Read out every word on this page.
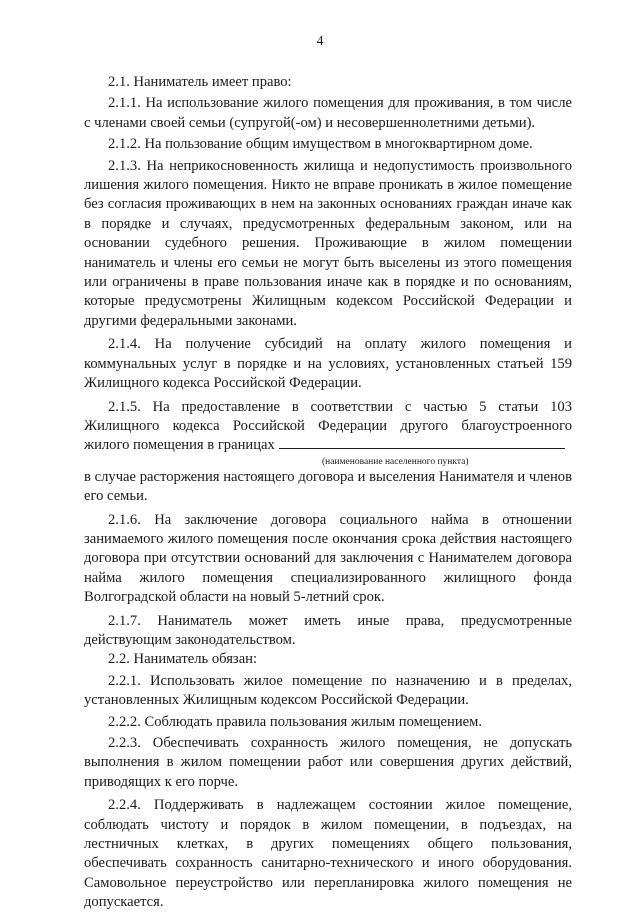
4

2.1. Наниматель имеет право:

2.1.1. На использование жилого помещения для проживания, в том числе с членами своей семьи (супругой(-ом) и несовершеннолетними детьми).

2.1.2. На пользование общим имуществом в многоквартирном доме.

2.1.3. На неприкосновенность жилища и недопустимость произвольного лишения жилого помещения. Никто не вправе проникать в жилое помещение без согласия проживающих в нем на законных основаниях граждан иначе как в порядке и случаях, предусмотренных федеральным законом, или на основании судебного решения. Проживающие в жилом помещении наниматель и члены его семьи не могут быть выселены из этого помещения или ограничены в праве пользования иначе как в порядке и по основаниям, которые предусмотрены Жилищным кодексом Российской Федерации и другими федеральными законами.

2.1.4. На получение субсидий на оплату жилого помещения и коммунальных услуг в порядке и на условиях, установленных статьей 159 Жилищного кодекса Российской Федерации.

2.1.5. На предоставление в соответствии с частью 5 статьи 103 Жилищного кодекса Российской Федерации другого благоустроенного жилого помещения в границах

(наименование населенного пункта)

в случае расторжения настоящего договора и выселения Нанимателя и членов его семьи.

2.1.6. На заключение договора социального найма в отношении занимаемого жилого помещения после окончания срока действия настоящего договора при отсутствии оснований для заключения с Нанимателем договора найма жилого помещения специализированного жилищного фонда Волгоградской области на новый 5-летний срок.

2.1.7. Наниматель может иметь иные права, предусмотренные действующим законодательством.

2.2. Наниматель обязан:

2.2.1. Использовать жилое помещение по назначению и в пределах, установленных Жилищным кодексом Российской Федерации.

2.2.2. Соблюдать правила пользования жилым помещением.

2.2.3. Обеспечивать сохранность жилого помещения, не допускать выполнения в жилом помещении работ или совершения других действий, приводящих к его порче.

2.2.4. Поддерживать в надлежащем состоянии жилое помещение, соблюдать чистоту и порядок в жилом помещении, в подъездах, на лестничных клетках, в других помещениях общего пользования, обеспечивать сохранность санитарно-технического и иного оборудования. Самовольное переустройство или перепланировка жилого помещения не допускается.
